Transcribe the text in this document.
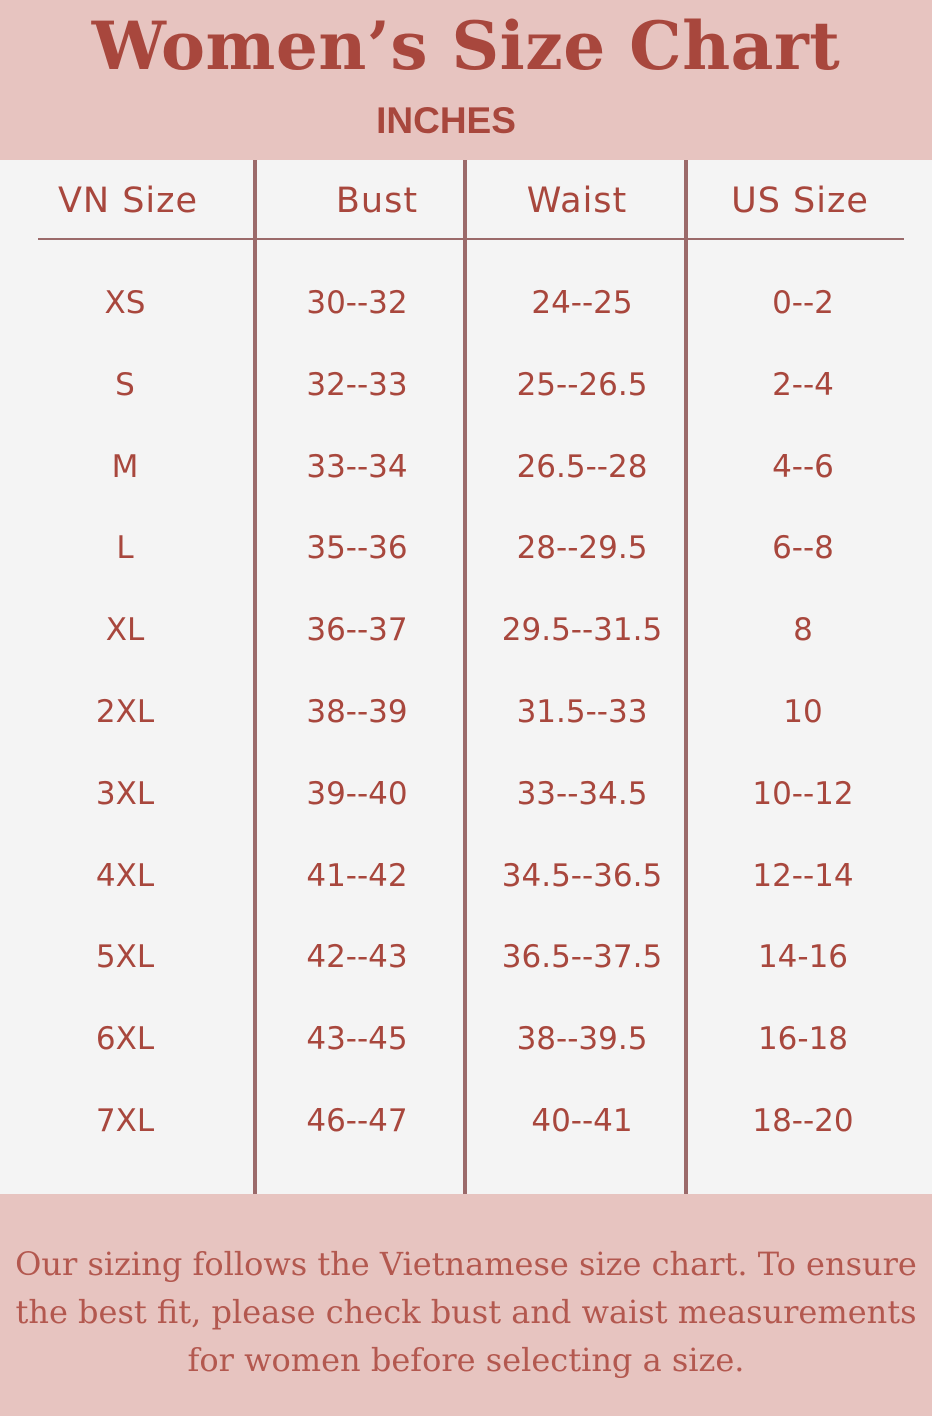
Women’s Size Chart
INCHES
VN Size	Bust	Waist	US Size
XS	30--32	24--25	0--2
S	32--33	25--26.5	2--4
M	33--34	26.5--28	4--6
L	35--36	28--29.5	6--8
XL	36--37	29.5--31.5	8
2XL	38--39	31.5--33	10
3XL	39--40	33--34.5	10--12
4XL	41--42	34.5--36.5	12--14
5XL	42--43	36.5--37.5	14-16
6XL	43--45	38--39.5	16-18
7XL	46--47	40--41	18--20
Our sizing follows the Vietnamese size chart. To ensure the best fit, please check bust and waist measurements for women before selecting a size.
